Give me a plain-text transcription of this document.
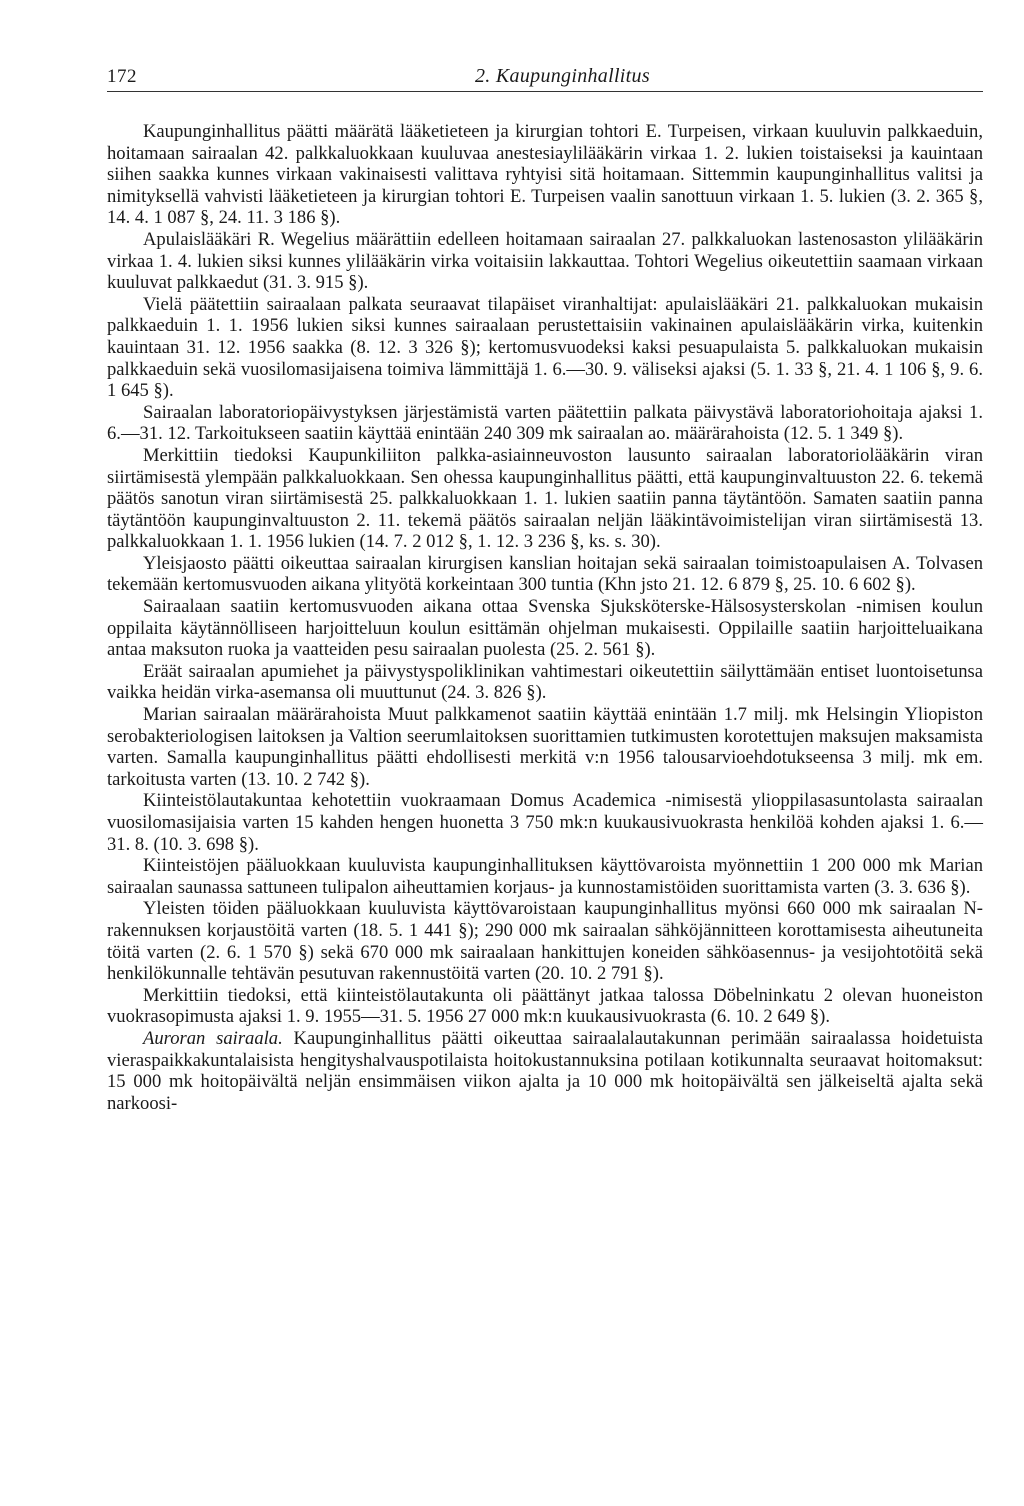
172	2. Kaupunginhallitus

Kaupunginhallitus päätti määrätä lääketieteen ja kirurgian tohtori E. Turpeisen, virkaan kuuluvin palkkaeduin, hoitamaan sairaalan 42. palkkaluokkaan kuuluvaa anestesiaylilääkärin virkaa 1. 2. lukien toistaiseksi ja kauintaan siihen saakka kunnes virkaan vakinaisesti valittava ryhtyisi sitä hoitamaan. Sittemmin kaupunginhallitus valitsi ja nimityksellä vahvisti lääketieteen ja kirurgian tohtori E. Turpeisen vaalin sanottuun virkaan 1. 5. lukien (3. 2. 365 §, 14. 4. 1 087 §, 24. 11. 3 186 §).

Apulaislääkäri R. Wegelius määrättiin edelleen hoitamaan sairaalan 27. palkkaluokan lastenosaston ylilääkärin virkaa 1. 4. lukien siksi kunnes ylilääkärin virka voitaisiin lakkauttaa. Tohtori Wegelius oikeutettiin saamaan virkaan kuuluvat palkkaedut (31. 3. 915 §).

Vielä päätettiin sairaalaan palkata seuraavat tilapäiset viranhaltijat: apulaislääkäri 21. palkkaluokan mukaisin palkkaeduin 1. 1. 1956 lukien siksi kunnes sairaalaan perustettaisiin vakinainen apulaislääkärin virka, kuitenkin kauintaan 31. 12. 1956 saakka (8. 12. 3 326 §); kertomusvuodeksi kaksi pesuapulaista 5. palkkaluokan mukaisin palkkaeduin sekä vuosilomasijaisena toimiva lämmittäjä 1. 6.—30. 9. väliseksi ajaksi (5. 1. 33 §, 21. 4. 1 106 §, 9. 6. 1 645 §).

Sairaalan laboratoriopäivystyksen järjestämistä varten päätettiin palkata päivystävä laboratoriohoitaja ajaksi 1. 6.—31. 12. Tarkoitukseen saatiin käyttää enintään 240 309 mk sairaalan ao. määrärahoista (12. 5. 1 349 §).

Merkittiin tiedoksi Kaupunkiliiton palkka-asiainneuvoston lausunto sairaalan laboratoriolääkärin viran siirtämisestä ylempään palkkaluokkaan. Sen ohessa kaupunginhallitus päätti, että kaupunginvaltuuston 22. 6. tekemä päätös sanotun viran siirtämisestä 25. palkkaluokkaan 1. 1. lukien saatiin panna täytäntöön. Samaten saatiin panna täytäntöön kaupunginvaltuuston 2. 11. tekemä päätös sairaalan neljän lääkintävoimistelijan viran siirtämisestä 13. palkkaluokkaan 1. 1. 1956 lukien (14. 7. 2 012 §, 1. 12. 3 236 §, ks. s. 30).

Yleisjaosto päätti oikeuttaa sairaalan kirurgisen kanslian hoitajan sekä sairaalan toimistoapulaisen A. Tolvasen tekemään kertomusvuoden aikana ylityötä korkeintaan 300 tuntia (Khn jsto 21. 12. 6 879 §, 25. 10. 6 602 §).

Sairaalaan saatiin kertomusvuoden aikana ottaa Svenska Sjuksköterske-Hälsosysterskolan -nimisen koulun oppilaita käytännölliseen harjoitteluun koulun esittämän ohjelman mukaisesti. Oppilaille saatiin harjoitteluaikana antaa maksuton ruoka ja vaatteiden pesu sairaalan puolesta (25. 2. 561 §).

Eräät sairaalan apumiehet ja päivystyspoliklinikan vahtimestari oikeutettiin säilyttämään entiset luontoisetunsa vaikka heidän virka-asemansa oli muuttunut (24. 3. 826 §).

Marian sairaalan määrärahoista Muut palkkamenot saatiin käyttää enintään 1.7 milj. mk Helsingin Yliopiston serobakteriologisen laitoksen ja Valtion seerumlaitoksen suorittamien tutkimusten korotettujen maksujen maksamista varten. Samalla kaupunginhallitus päätti ehdollisesti merkitä v:n 1956 talousarvioehdotukseensa 3 milj. mk em. tarkoitusta varten (13. 10. 2 742 §).

Kiinteistölautakuntaa kehotettiin vuokraamaan Domus Academica -nimisestä ylioppilasasuntolasta sairaalan vuosilomasijaisia varten 15 kahden hengen huonetta 3 750 mk:n kuukausivuokrasta henkilöä kohden ajaksi 1. 6.—31. 8. (10. 3. 698 §).

Kiinteistöjen pääluokkaan kuuluvista kaupunginhallituksen käyttövaroista myönnettiin 1 200 000 mk Marian sairaalan saunassa sattuneen tulipalon aiheuttamien korjaus- ja kunnostamistöiden suorittamista varten (3. 3. 636 §).

Yleisten töiden pääluokkaan kuuluvista käyttövaroistaan kaupunginhallitus myönsi 660 000 mk sairaalan N-rakennuksen korjaustöitä varten (18. 5. 1 441 §); 290 000 mk sairaalan sähköjännitteen korottamisesta aiheutuneita töitä varten (2. 6. 1 570 §) sekä 670 000 mk sairaalaan hankittujen koneiden sähköasennus- ja vesijohtotöitä sekä henkilökunnalle tehtävän pesutuvan rakennustöitä varten (20. 10. 2 791 §).

Merkittiin tiedoksi, että kiinteistölautakunta oli päättänyt jatkaa talossa Döbelninkatu 2 olevan huoneiston vuokrasopimusta ajaksi 1. 9. 1955—31. 5. 1956 27 000 mk:n kuukausivuokrasta (6. 10. 2 649 §).

Auroran sairaala. Kaupunginhallitus päätti oikeuttaa sairaalalautakunnan perimään sairaalassa hoidetuista vieraspaikkakuntalaisista hengityshalvauspotilaista hoitokustannuksina potilaan kotikunnalta seuraavat hoitomaksut: 15 000 mk hoitopäivältä neljän ensimmäisen viikon ajalta ja 10 000 mk hoitopäivältä sen jälkeiseltä ajalta sekä narkoosi-
